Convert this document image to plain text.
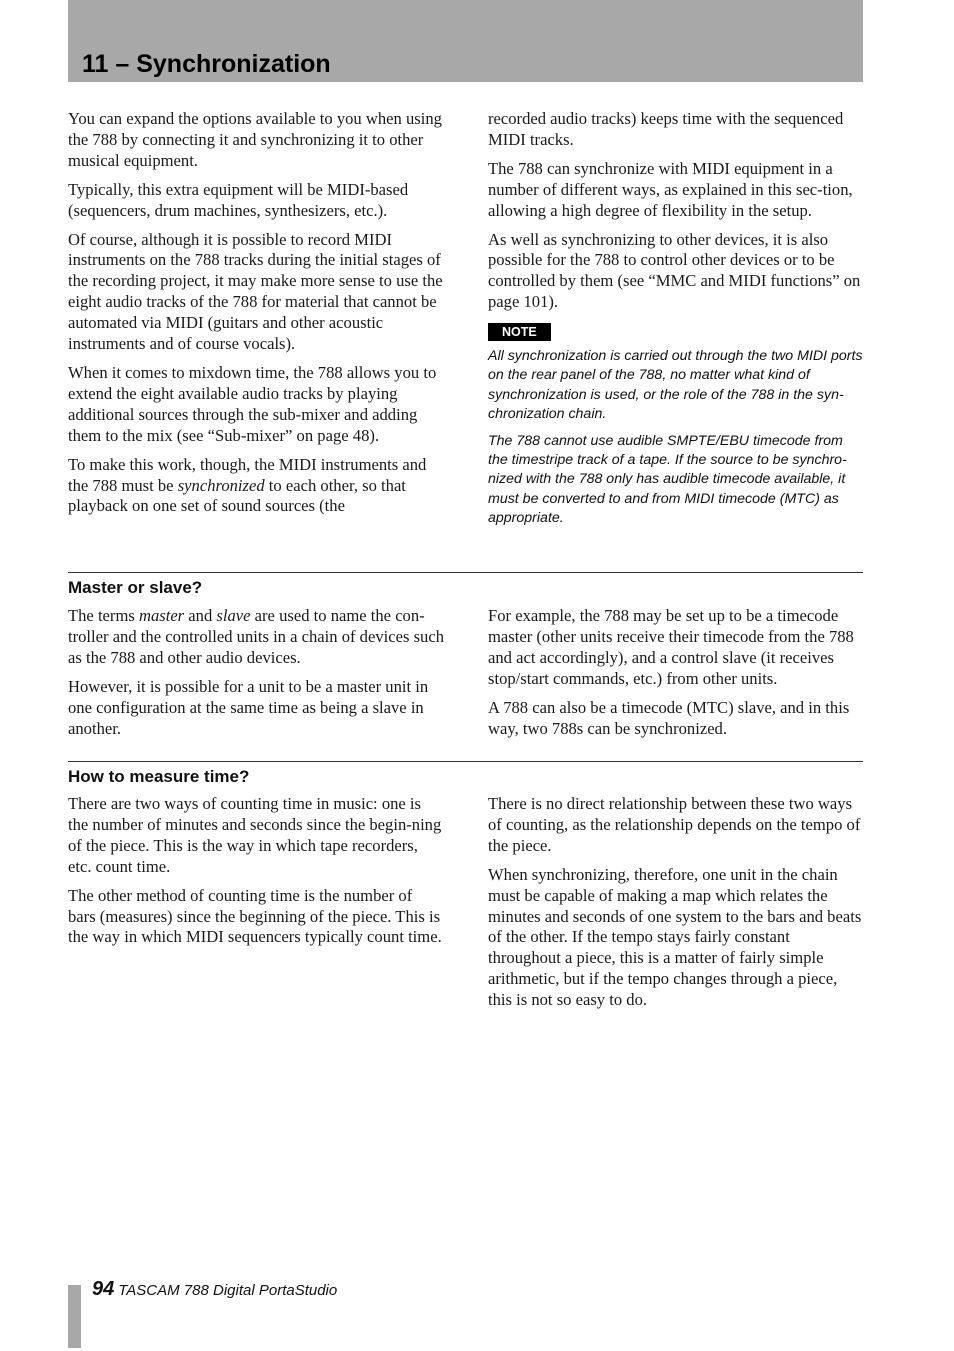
11 – Synchronization

You can expand the options available to you when using the 788 by connecting it and synchronizing it to other musical equipment.

Typically, this extra equipment will be MIDI-based (sequencers, drum machines, synthesizers, etc.).

Of course, although it is possible to record MIDI instruments on the 788 tracks during the initial stages of the recording project, it may make more sense to use the eight audio tracks of the 788 for material that cannot be automated via MIDI (guitars and other acoustic instruments and of course vocals).

When it comes to mixdown time, the 788 allows you to extend the eight available audio tracks by playing additional sources through the sub-mixer and adding them to the mix (see “Sub-mixer” on page 48).

To make this work, though, the MIDI instruments and the 788 must be synchronized to each other, so that playback on one set of sound sources (the

recorded audio tracks) keeps time with the sequenced MIDI tracks.

The 788 can synchronize with MIDI equipment in a number of different ways, as explained in this sec-tion, allowing a high degree of flexibility in the setup.

As well as synchronizing to other devices, it is also possible for the 788 to control other devices or to be controlled by them (see “MMC and MIDI functions” on page 101).

NOTE

All synchronization is carried out through the two MIDI ports on the rear panel of the 788, no matter what kind of synchronization is used, or the role of the 788 in the syn-chronization chain.

The 788 cannot use audible SMPTE/EBU timecode from the timestripe track of a tape. If the source to be synchro-nized with the 788 only has audible timecode available, it must be converted to and from MIDI timecode (MTC) as appropriate.

Master or slave?

The terms master and slave are used to name the con-troller and the controlled units in a chain of devices such as the 788 and other audio devices.

However, it is possible for a unit to be a master unit in one configuration at the same time as being a slave in another.

For example, the 788 may be set up to be a timecode master (other units receive their timecode from the 788 and act accordingly), and a control slave (it receives stop/start commands, etc.) from other units.

A 788 can also be a timecode (MTC) slave, and in this way, two 788s can be synchronized.

How to measure time?

There are two ways of counting time in music: one is the number of minutes and seconds since the begin-ning of the piece. This is the way in which tape recorders, etc. count time.

The other method of counting time is the number of bars (measures) since the beginning of the piece. This is the way in which MIDI sequencers typically count time.

There is no direct relationship between these two ways of counting, as the relationship depends on the tempo of the piece.

When synchronizing, therefore, one unit in the chain must be capable of making a map which relates the minutes and seconds of one system to the bars and beats of the other. If the tempo stays fairly constant throughout a piece, this is a matter of fairly simple arithmetic, but if the tempo changes through a piece, this is not so easy to do.

94 TASCAM 788 Digital PortaStudio
